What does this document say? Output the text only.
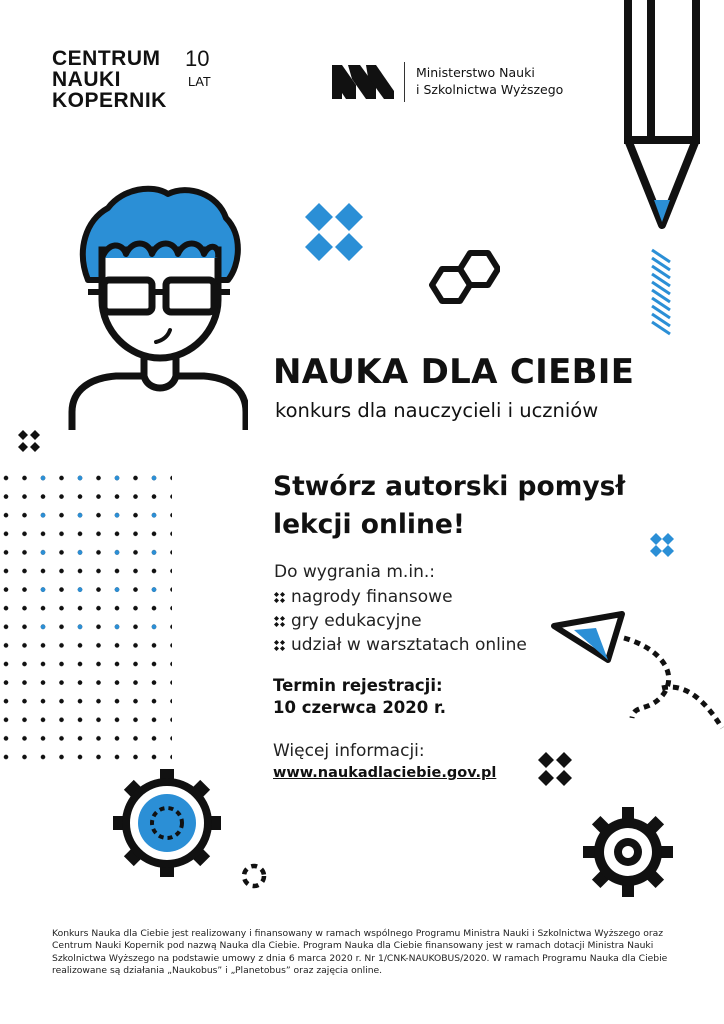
CENTRUM
NAUKI
KOPERNIK
10
LAT
Ministerstwo Nauki
i Szkolnictwa Wyższego
NAUKA DLA CIEBIE
konkurs dla nauczycieli i uczniów
Stwórz autorski pomysł
lekcji online!
Do wygrania m.in.:
nagrody finansowe
gry edukacyjne
udział w warsztatach online
Termin rejestracji:
10 czerwca 2020 r.
Więcej informacji:
www.naukadlaciebie.gov.pl
Konkurs Nauka dla Ciebie jest realizowany i finansowany w ramach wspólnego Programu Ministra Nauki i Szkolnictwa Wyższego oraz Centrum Nauki Kopernik pod nazwą Nauka dla Ciebie. Program Nauka dla Ciebie finansowany jest w ramach dotacji Ministra Nauki Szkolnictwa Wyższego na podstawie umowy z dnia 6 marca 2020 r. Nr 1/CNK-NAUKOBUS/2020. W ramach Programu Nauka dla Ciebie realizowane są działania „Naukobus” i „Planetobus” oraz zajęcia online.
